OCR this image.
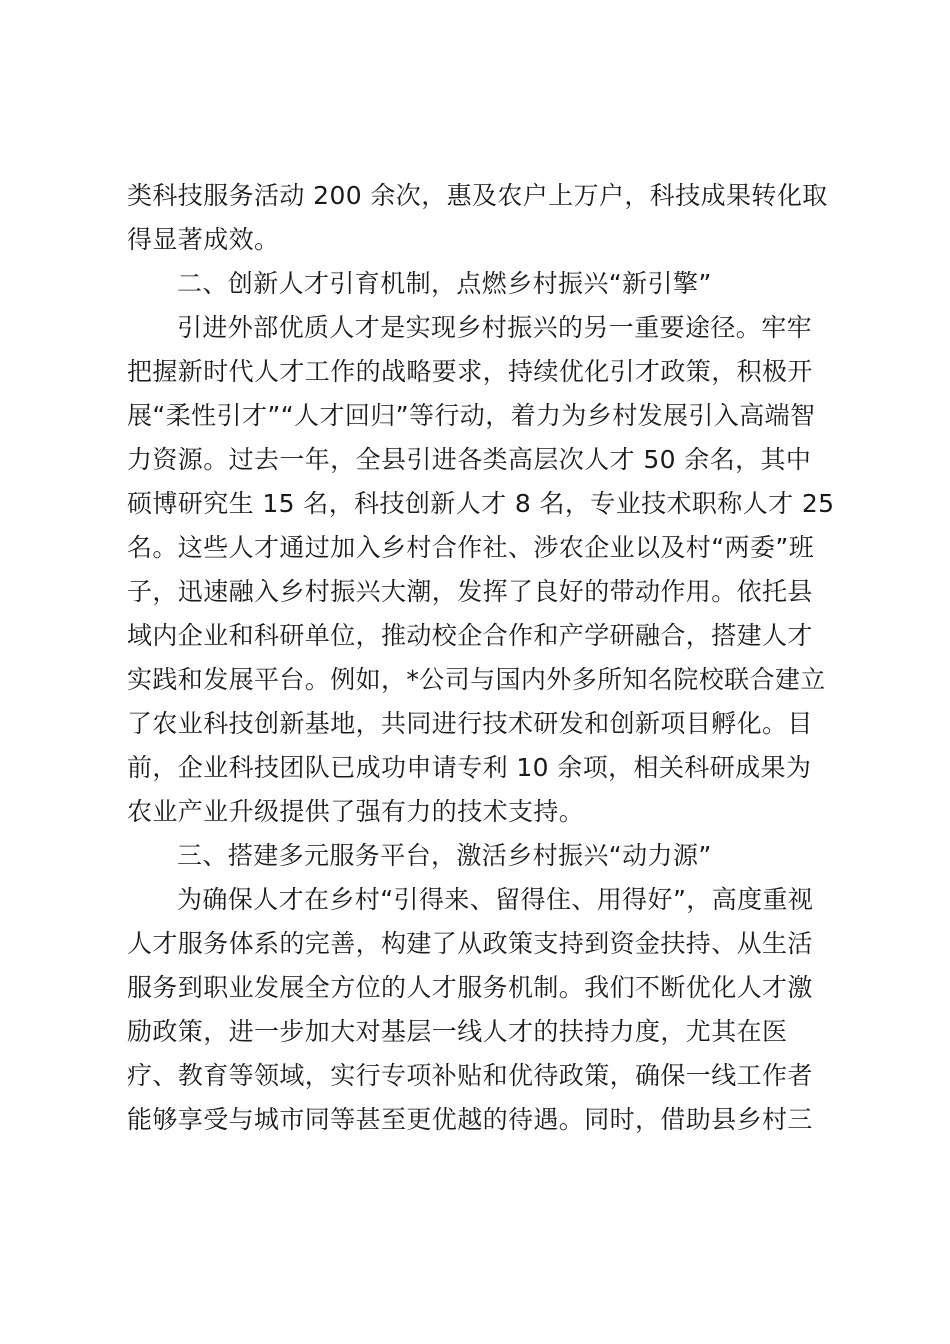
类科技服务活动 200 余次，惠及农户上万户，科技成果转化取
得显著成效。
二、创新人才引育机制，点燃乡村振兴“新引擎”
引进外部优质人才是实现乡村振兴的另一重要途径。牢牢
把握新时代人才工作的战略要求，持续优化引才政策，积极开
展“柔性引才”“人才回归”等行动，着力为乡村发展引入高端智
力资源。过去一年，全县引进各类高层次人才 50 余名，其中
硕博研究生 15 名，科技创新人才 8 名，专业技术职称人才 25
名。这些人才通过加入乡村合作社、涉农企业以及村“两委”班
子，迅速融入乡村振兴大潮，发挥了良好的带动作用。依托县
域内企业和科研单位，推动校企合作和产学研融合，搭建人才
实践和发展平台。例如，*公司与国内外多所知名院校联合建立
了农业科技创新基地，共同进行技术研发和创新项目孵化。目
前，企业科技团队已成功申请专利 10 余项，相关科研成果为
农业产业升级提供了强有力的技术支持。
三、搭建多元服务平台，激活乡村振兴“动力源”
为确保人才在乡村“引得来、留得住、用得好”，高度重视
人才服务体系的完善，构建了从政策支持到资金扶持、从生活
服务到职业发展全方位的人才服务机制。我们不断优化人才激
励政策，进一步加大对基层一线人才的扶持力度，尤其在医
疗、教育等领域，实行专项补贴和优待政策，确保一线工作者
能够享受与城市同等甚至更优越的待遇。同时，借助县乡村三
